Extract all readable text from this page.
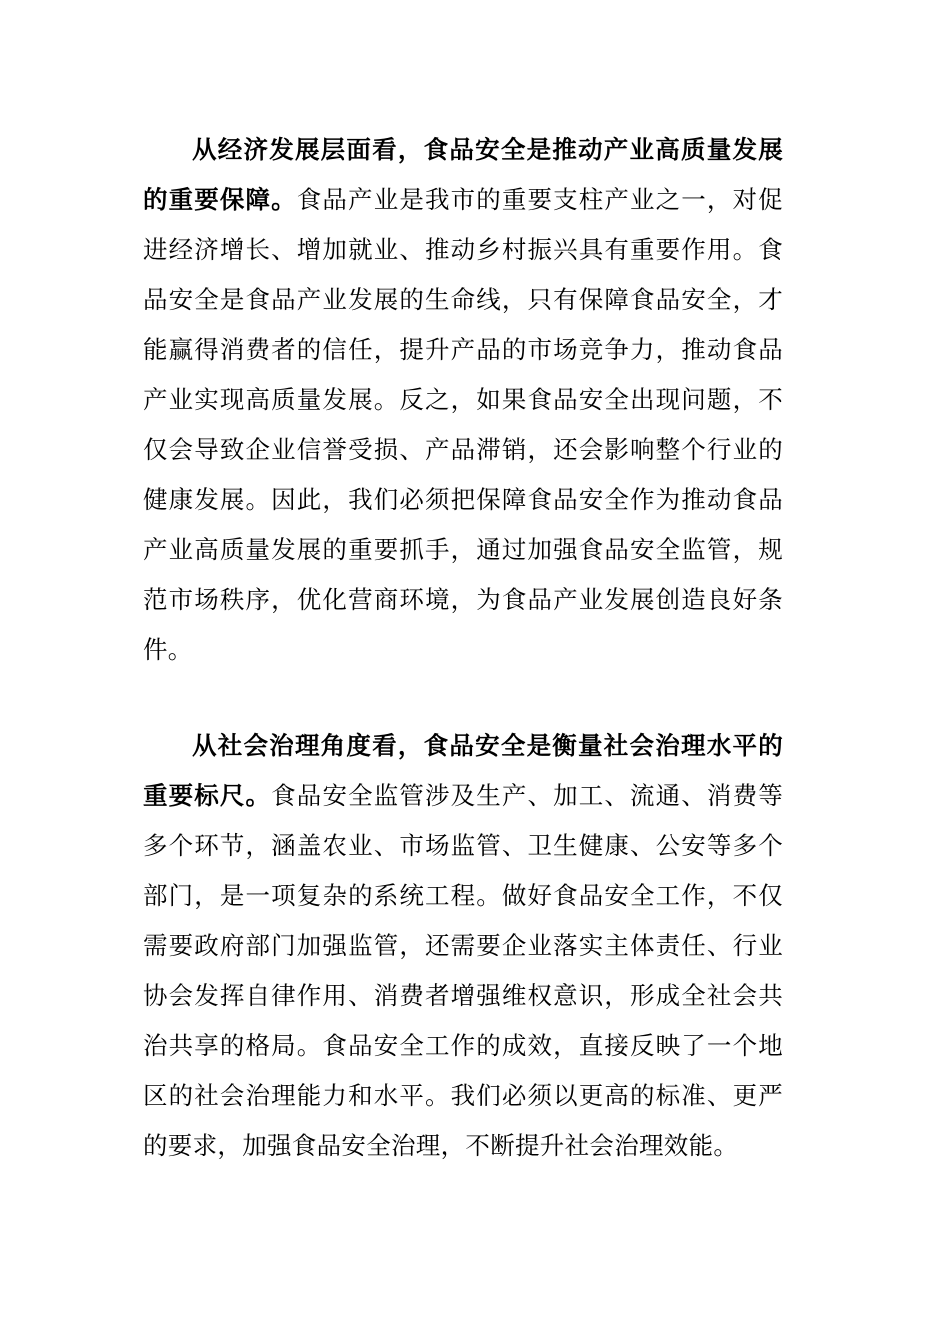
从经济发展层面看，食品安全是推动产业高质量发展的重要保障。食品产业是我市的重要支柱产业之一，对促进经济增长、增加就业、推动乡村振兴具有重要作用。食品安全是食品产业发展的生命线，只有保障食品安全，才能赢得消费者的信任，提升产品的市场竞争力，推动食品产业实现高质量发展。反之，如果食品安全出现问题，不仅会导致企业信誉受损、产品滞销，还会影响整个行业的健康发展。因此，我们必须把保障食品安全作为推动食品产业高质量发展的重要抓手，通过加强食品安全监管，规范市场秩序，优化营商环境，为食品产业发展创造良好条件。

从社会治理角度看，食品安全是衡量社会治理水平的重要标尺。食品安全监管涉及生产、加工、流通、消费等多个环节，涵盖农业、市场监管、卫生健康、公安等多个部门，是一项复杂的系统工程。做好食品安全工作，不仅需要政府部门加强监管，还需要企业落实主体责任、行业协会发挥自律作用、消费者增强维权意识，形成全社会共治共享的格局。食品安全工作的成效，直接反映了一个地区的社会治理能力和水平。我们必须以更高的标准、更严的要求，加强食品安全治理，不断提升社会治理效能。
